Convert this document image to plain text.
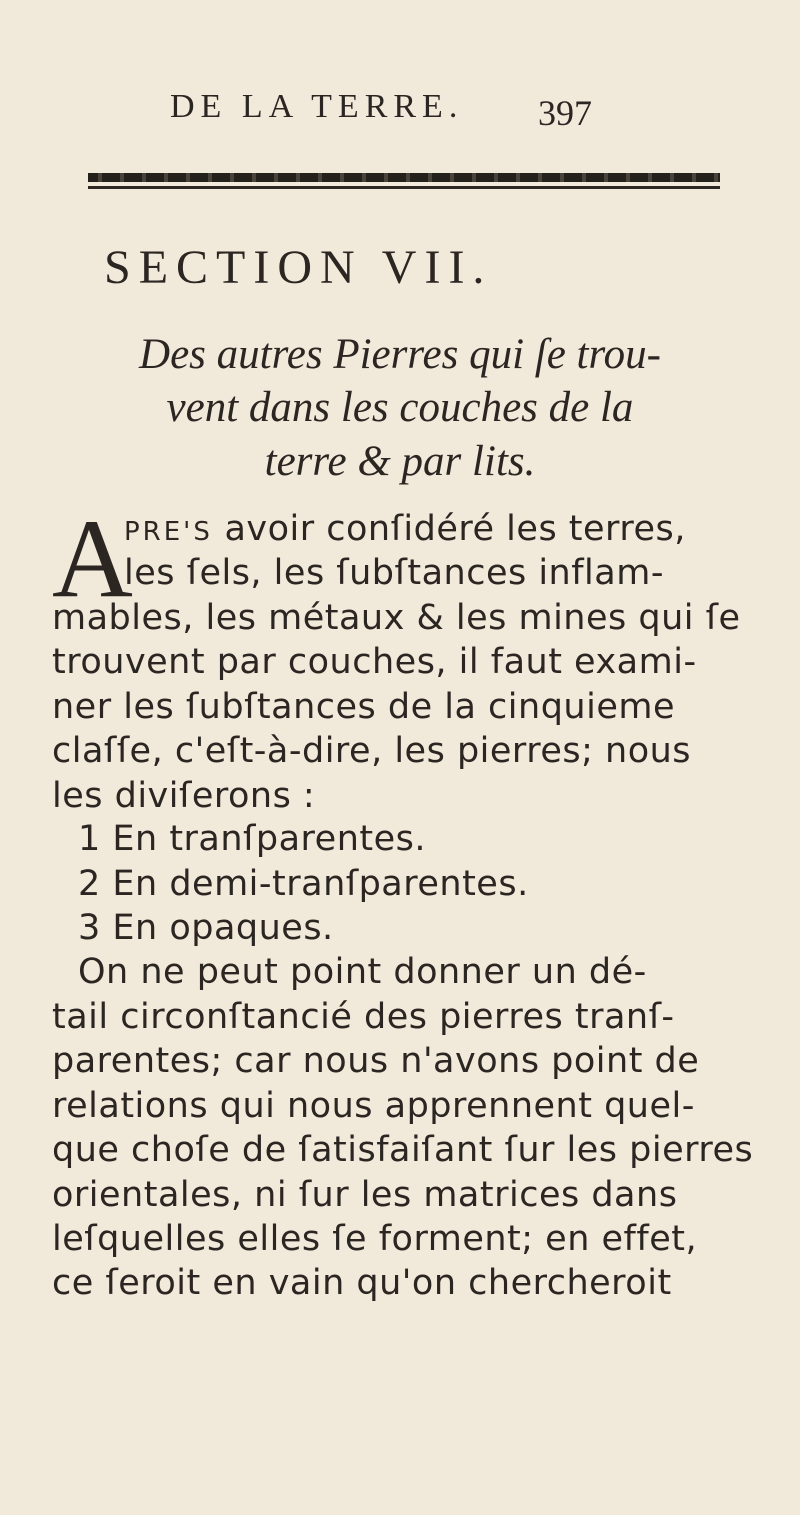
DE LA TERRE.	397
SECTION VII.
Des autres Pierres qui ſe trou-
vent dans les couches de la
terre & par lits.
A
PRE'S avoir conſidéré les terres,
les ſels, les ſubſtances inflam-
mables, les métaux & les mines qui ſe
trouvent par couches, il faut exami-
ner les ſubſtances de la cinquieme
claſſe, c'eſt-à-dire, les pierres; nous
les diviſerons :
1 En tranſparentes.
2 En demi-tranſparentes.
3 En opaques.
On ne peut point donner un dé-
tail circonſtancié des pierres tranſ-
parentes; car nous n'avons point de
relations qui nous apprennent quel-
que choſe de ſatisfaiſant ſur les pierres
orientales, ni ſur les matrices dans
leſquelles elles ſe forment; en effet,
ce ſeroit en vain qu'on chercheroit
